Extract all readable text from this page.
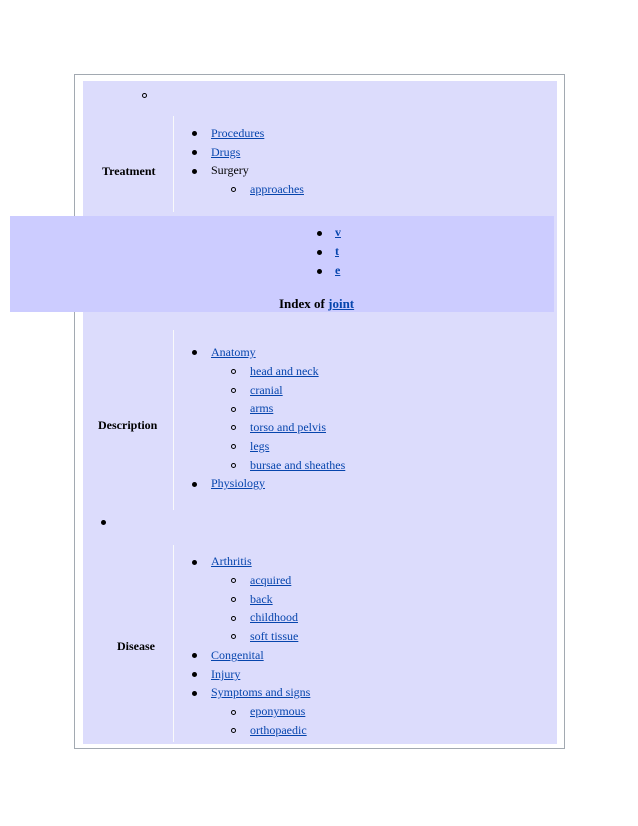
Treatment
Procedures
Drugs
Surgery
approaches
v
t
e
Index of joint
Description
Anatomy
head and neck
cranial
arms
torso and pelvis
legs
bursae and sheathes
Physiology
Disease
Arthritis
acquired
back
childhood
soft tissue
Congenital
Injury
Symptoms and signs
eponymous
orthopaedic
